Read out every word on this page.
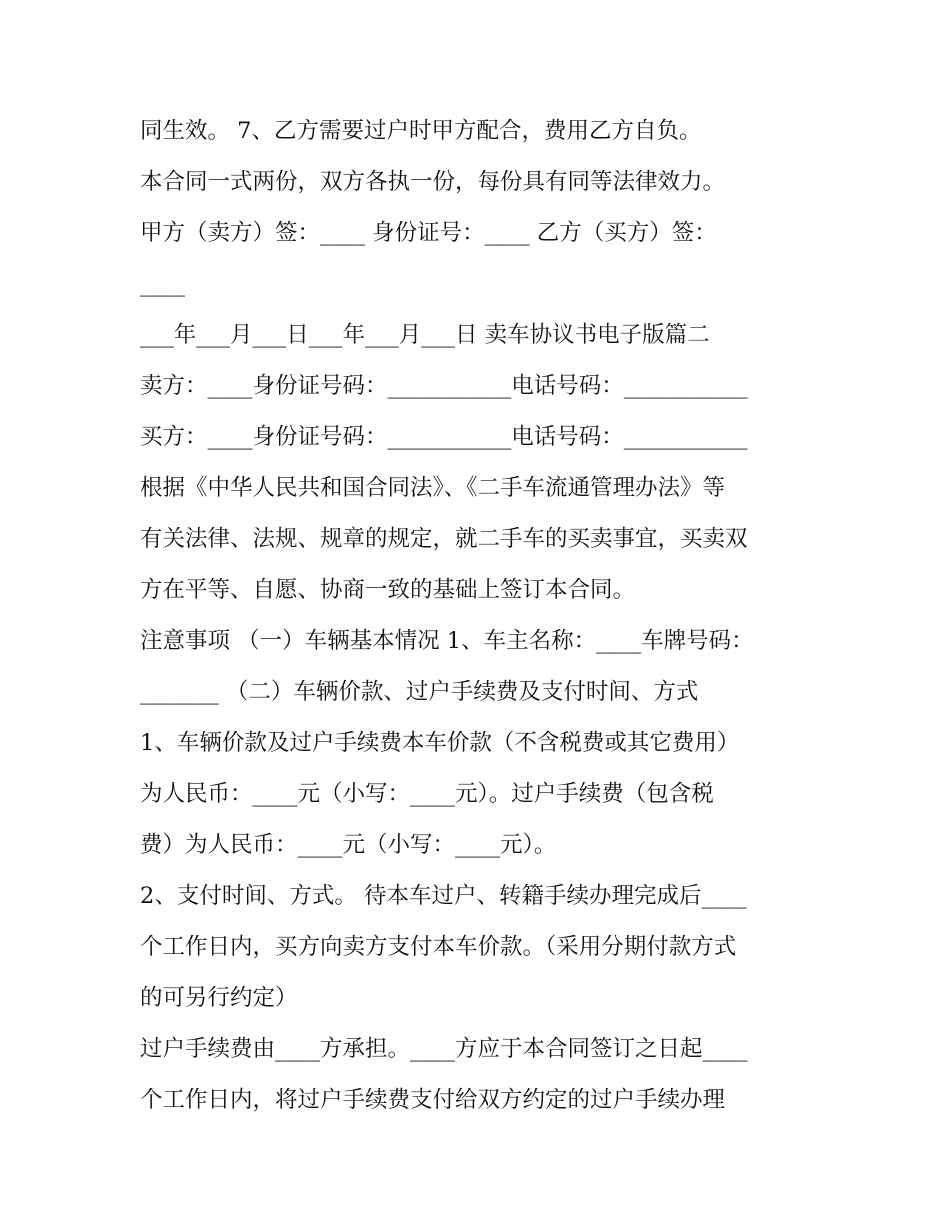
同生效。 7、乙方需要过户时甲方配合，费用乙方自负。
本合同一式两份，双方各执一份，每份具有同等法律效力。
甲方（卖方）签：____ 身份证号：____ 乙方（买方）签：
____
___年___月___日___年___月___日 卖车协议书电子版篇二
卖方：____身份证号码：___________电话号码：___________
买方：____身份证号码：___________电话号码：___________
根据《中华人民共和国合同法》、《二手车流通管理办法》等
有关法律、法规、规章的规定，就二手车的买卖事宜，买卖双
方在平等、自愿、协商一致的基础上签订本合同。
注意事项 （一）车辆基本情况 1、车主名称：____车牌号码：
_______ （二）车辆价款、过户手续费及支付时间、方式
1、车辆价款及过户手续费本车价款（不含税费或其它费用）
为人民币：____元（小写：____元）。过户手续费（包含税
费）为人民币：____元（小写：____元）。
2、支付时间、方式。 待本车过户、转籍手续办理完成后____
个工作日内，买方向卖方支付本车价款。（采用分期付款方式
的可另行约定）
过户手续费由____方承担。____方应于本合同签订之日起____
个工作日内，将过户手续费支付给双方约定的过户手续办理
